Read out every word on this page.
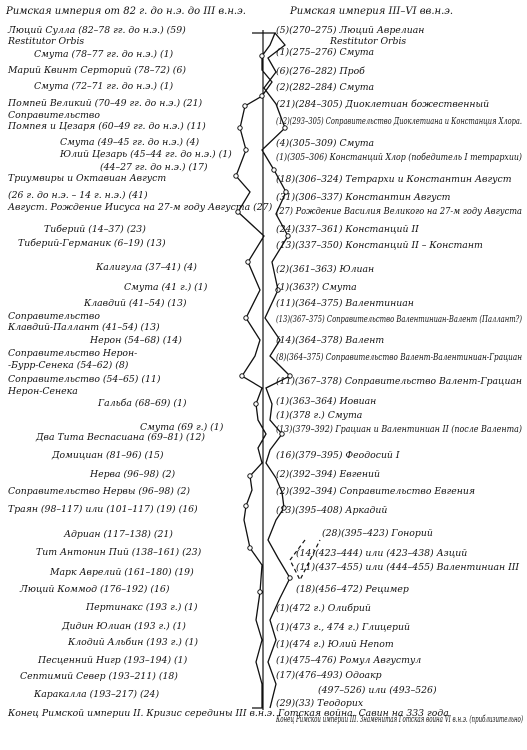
Римская империя от 82 г. до н.э. до III в.н.э.	Римская империя III–VI вв.н.э.
Люций Сулла (82–78 гг. до н.э.) (59)
Restitutor Orbis
Смута (78–77 гг. до н.э.) (1)
Марий Квинт Серторий (78–72) (6)
Смута (72–71 гг. до н.э.) (1)
Помпей Великий (70–49 гг. до н.э.) (21)
Соправительство
Помпея и Цезаря (60–49 гг. до н.э.) (11)
Смута (49–45 гг. до н.э.) (4)
Юлий Цезарь (45–44 гг. до н.э.) (1)
(44–27 гг. до н.э.) (17)
Триумвиры и Октавиан Август
(26 г. до н.э. – 14 г. н.э.) (41)
Август. Рождение Иисуса на 27-м году Августа (27)
Тиберий (14–37) (23)
Тиберий-Германик (6–19) (13)
Калигула (37–41) (4)
Смута (41 г.) (1)
Клавдий (41–54) (13)
Соправительство
Клавдий-Паллант (41–54) (13)
Нерон (54–68) (14)
Соправительство Нерон-
-Бурр-Сенека (54–62) (8)
Соправительство (54–65) (11)
Нерон-Сенека
Гальба (68–69) (1)
Смута (69 г.) (1)
Два Тита Веспасиана (69–81) (12)
Домициан (81–96) (15)
Нерва (96–98) (2)
Соправительство Нервы (96–98) (2)
Траян (98–117) или (101–117) (19) (16)
Адриан (117–138) (21)
Тит Антонин Пий (138–161) (23)
Марк Аврелий (161–180) (19)
Люций Коммод (176–192) (16)
Пертинакс (193 г.) (1)
Дидин Юлиан (193 г.) (1)
Клодий Альбин (193 г.) (1)
Песценний Нигр (193–194) (1)
Септимий Север (193–211) (18)
Каракалла (193–217) (24)
Конец Римской империи II. Кризис середины III в.н.э. Готская война. Савин на 333 года
(5)(270–275) Люций Аврелиан
Restitutor Orbis
(1)(275–276) Смута
(6)(276–282) Проб
(2)(282–284) Смута
(21)(284–305) Диоклетиан божественный
(12)(293–305) Соправительство Диоклетиана и Констанция Хлора.
(4)(305–309) Смута
(1)(305–306) Констанций Хлор (победитель I тетрархии)
(18)(306–324) Тетрархи и Константин Август
(31)(306–337) Константин Август
(27) Рождение Василия Великого на 27-м году Августа
(24)(337–361) Констанций II
(13)(337–350) Констанций II – Констант
(2)(361–363) Юлиан
(1)(363?) Смута
(11)(364–375) Валентиниан
(13)(367–375) Соправительство Валентиниан-Валент (Паллант?)
(14)(364–378) Валент
(8)(364–375) Соправительство Валент-Валентиниан-Грациан
(11)(367–378) Соправительство Валент-Грациан
(1)(363–364) Иовиан
(1)(378 г.) Смута
(13)(379–392) Грациан и Валентиниан II (после Валента)
(16)(379–395) Феодосий I
(2)(392–394) Евгений
(2)(392–394) Соправительство Евгения
(13)(395–408) Аркадий
(28)(395–423) Гонорий
(14)(423–444) или (423–438) Азций
(11)(437–455) или (444–455) Валентиниан III
(18)(456–472) Рецимер
(1)(472 г.) Олибрий
(1)(473 г., 474 г.) Глицерий
(1)(474 г.) Юлий Непот
(1)(475–476) Ромул Августул
(17)(476–493) Одоакр
(497–526) или (493–526)
(29)(33) Теодорих
Конец Римской империи III. Знаменитая Готская война VI в.н.э. (приблизительно)
